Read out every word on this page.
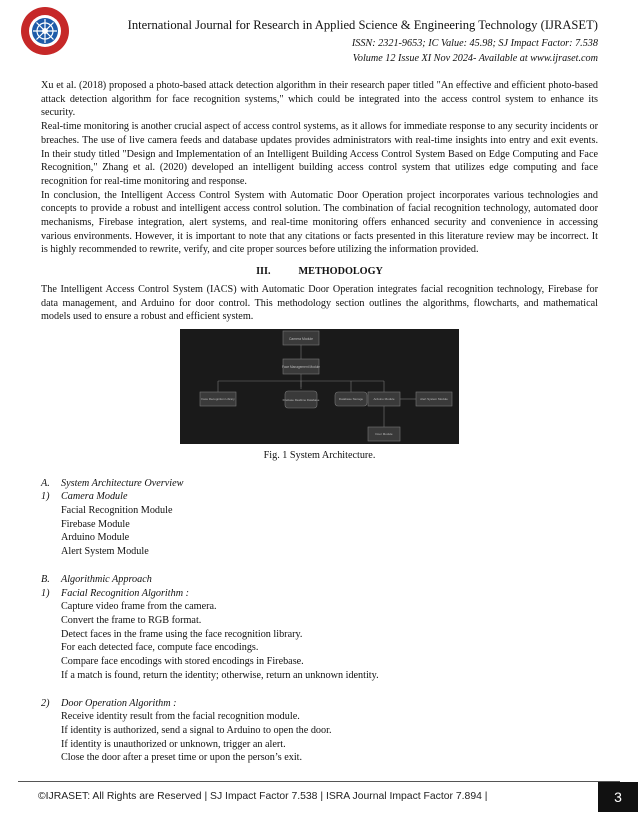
International Journal for Research in Applied Science & Engineering Technology (IJRASET)
ISSN: 2321-9653; IC Value: 45.98; SJ Impact Factor: 7.538
Volume 12 Issue XI Nov 2024- Available at www.ijraset.com

Xu et al. (2018) proposed a photo-based attack detection algorithm in their research paper titled "An effective and efficient photo-based attack detection algorithm for face recognition systems," which could be integrated into the access control system to enhance its security.

Real-time monitoring is another crucial aspect of access control systems, as it allows for immediate response to any security incidents or breaches. The use of live camera feeds and database updates provides administrators with real-time insights into entry and exit events. In their study titled "Design and Implementation of an Intelligent Building Access Control System Based on Edge Computing and Face Recognition," Zhang et al. (2020) developed an intelligent building access control system that utilizes edge computing and face recognition for real-time monitoring and response.

In conclusion, the Intelligent Access Control System with Automatic Door Operation project incorporates various technologies and concepts to provide a robust and intelligent access control solution. The combination of facial recognition technology, automated door mechanisms, Firebase integration, alert systems, and real-time monitoring offers enhanced security and convenience in accessing various environments. However, it is important to note that any citations or facts presented in this literature review may be incorrect. It is highly recommended to rewrite, verify, and cite proper sources before utilizing the information provided.

III.	METHODOLOGY

The Intelligent Access Control System (IACS) with Automatic Door Operation integrates facial recognition technology, Firebase for data management, and Arduino for door control. This methodology section outlines the algorithms, flowcharts, and mathematical models used to ensure a robust and efficient system.

Camera Module
Face Management Module
Face Recognition Library	Firebase Realtime Database	Database Storage	Arduino Module	Alert System Module
Door Module
Fig. 1 System Architecture.
A. System Architecture Overview
1) Camera Module
Facial Recognition Module
Firebase Module
Arduino Module
Alert System Module
B. Algorithmic Approach
1) Facial Recognition Algorithm :
Capture video frame from the camera.
Convert the frame to RGB format.
Detect faces in the frame using the face recognition library.
For each detected face, compute face encodings.
Compare face encodings with stored encodings in Firebase.
If a match is found, return the identity; otherwise, return an unknown identity.
2) Door Operation Algorithm :
Receive identity result from the facial recognition module.
If identity is authorized, send a signal to Arduino to open the door.
If identity is unauthorized or unknown, trigger an alert.
Close the door after a preset time or upon the person’s exit.
©IJRASET: All Rights are Reserved | SJ Impact Factor 7.538 | ISRA Journal Impact Factor 7.894 |	3
